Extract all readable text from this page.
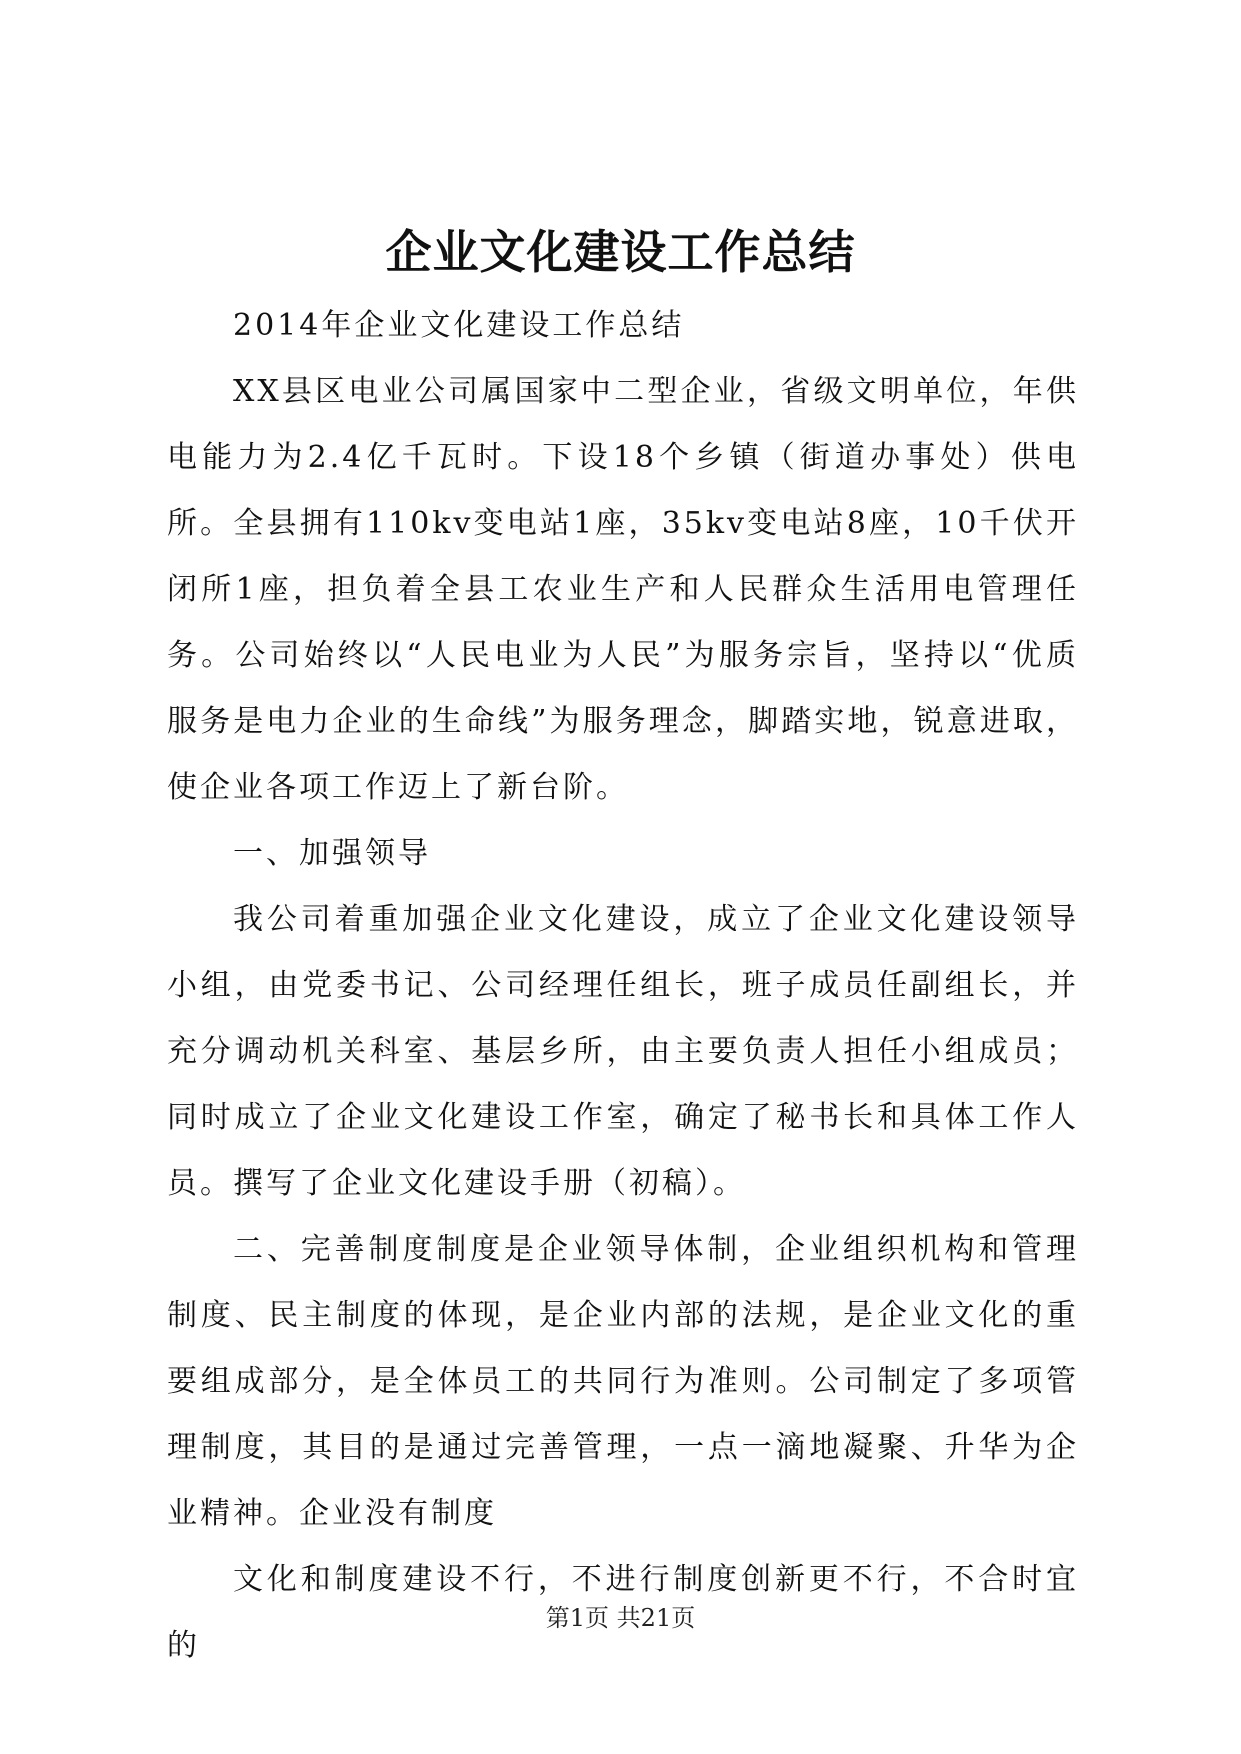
企业文化建设工作总结

2014年企业文化建设工作总结

XX县区电业公司属国家中二型企业，省级文明单位，年供电能力为2.4亿千瓦时。下设18个乡镇（街道办事处）供电所。全县拥有110kv变电站1座，35kv变电站8座，10千伏开闭所1座，担负着全县工农业生产和人民群众生活用电管理任务。公司始终以“人民电业为人民”为服务宗旨，坚持以“优质服务是电力企业的生命线”为服务理念，脚踏实地，锐意进取，使企业各项工作迈上了新台阶。

一、加强领导

我公司着重加强企业文化建设，成立了企业文化建设领导小组，由党委书记、公司经理任组长，班子成员任副组长，并充分调动机关科室、基层乡所，由主要负责人担任小组成员；同时成立了企业文化建设工作室，确定了秘书长和具体工作人员。撰写了企业文化建设手册（初稿）。

二、完善制度制度是企业领导体制，企业组织机构和管理制度、民主制度的体现，是企业内部的法规，是企业文化的重要组成部分，是全体员工的共同行为准则。公司制定了多项管理制度，其目的是通过完善管理，一点一滴地凝聚、升华为企业精神。企业没有制度

文化和制度建设不行，不进行制度创新更不行，不合时宜的

第1页 共21页
